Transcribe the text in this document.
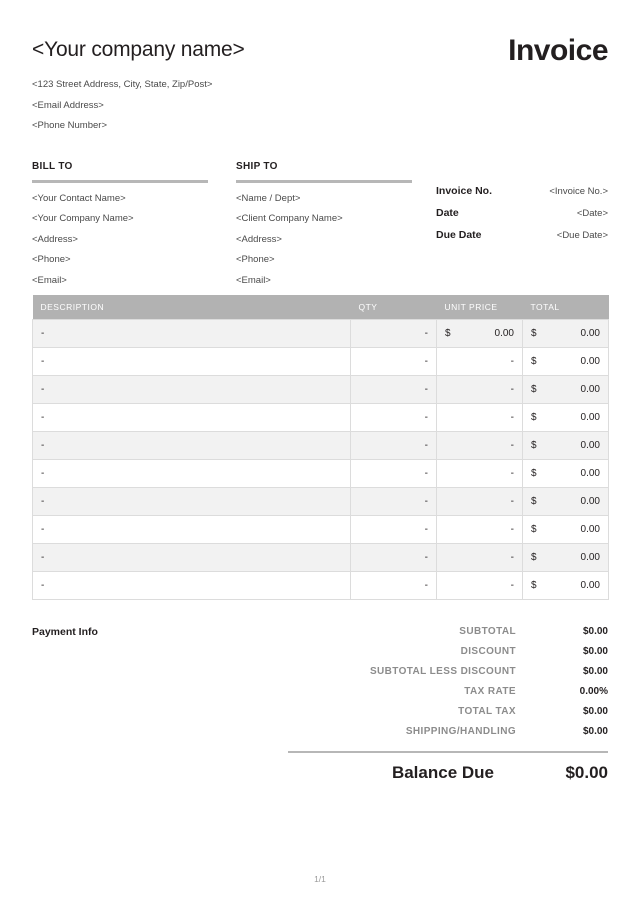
<Your company name>	Invoice
<123 Street Address, City, State, Zip/Post>
<Email Address>
<Phone Number>
BILL TO
<Your Contact Name>
<Your Company Name>
<Address>
<Phone>
<Email>
SHIP TO
<Name / Dept>
<Client Company Name>
<Address>
<Phone>
<Email>
Invoice No.	<Invoice No.>
Date	<Date>
Due Date	<Due Date>
DESCRIPTION	QTY	UNIT PRICE	TOTAL
-	-	$ 0.00	$ 0.00
-	-	-	$ 0.00
-	-	-	$ 0.00
-	-	-	$ 0.00
-	-	-	$ 0.00
-	-	-	$ 0.00
-	-	-	$ 0.00
-	-	-	$ 0.00
-	-	-	$ 0.00
-	-	-	$ 0.00
Payment Info	SUBTOTAL	$0.00
DISCOUNT	$0.00
SUBTOTAL LESS DISCOUNT	$0.00
TAX RATE	0.00%
TOTAL TAX	$0.00
SHIPPING/HANDLING	$0.00
Balance Due	$0.00
1/1
